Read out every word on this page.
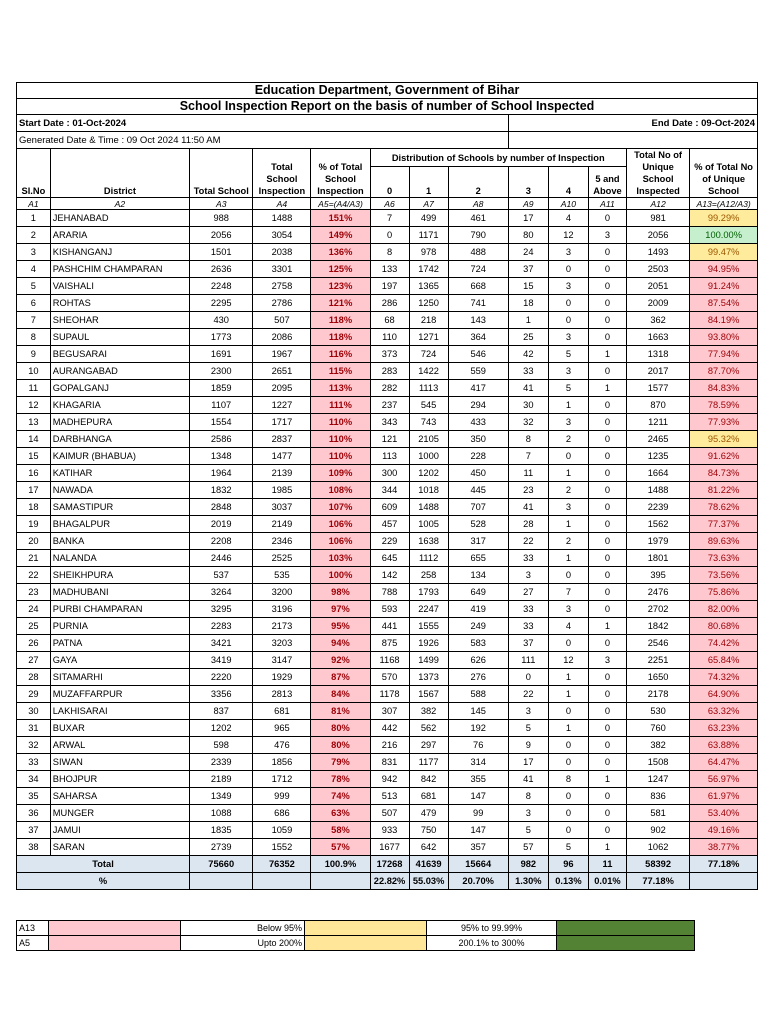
Education Department, Government of Bihar												
School Inspection Report on the basis of number of School Inspected												
Start Date : 01-Oct-2024								End Date : 09-Oct-2024				
Generated Date & Time : 09 Oct 2024 11:50 AM												
Sl.No	District	Total School	Total School Inspection	% of Total School Inspection	Distribution of Schools by number of Inspection						Total No of Unique School Inspected	% of Total No of Unique School
					0	1	2	3	4	5 and Above		
A1	A2	A3	A4	A5=(A4/A3)	A6	A7	A8	A9	A10	A11	A12	A13=(A12/A3)
1	JEHANABAD	988	1488	151%	7	499	461	17	4	0	981	99.29%
2	ARARIA	2056	3054	149%	0	1171	790	80	12	3	2056	100.00%
3	KISHANGANJ	1501	2038	136%	8	978	488	24	3	0	1493	99.47%
4	PASHCHIM CHAMPARAN	2636	3301	125%	133	1742	724	37	0	0	2503	94.95%
5	VAISHALI	2248	2758	123%	197	1365	668	15	3	0	2051	91.24%
6	ROHTAS	2295	2786	121%	286	1250	741	18	0	0	2009	87.54%
7	SHEOHAR	430	507	118%	68	218	143	1	0	0	362	84.19%
8	SUPAUL	1773	2086	118%	110	1271	364	25	3	0	1663	93.80%
9	BEGUSARAI	1691	1967	116%	373	724	546	42	5	1	1318	77.94%
10	AURANGABAD	2300	2651	115%	283	1422	559	33	3	0	2017	87.70%
11	GOPALGANJ	1859	2095	113%	282	1113	417	41	5	1	1577	84.83%
12	KHAGARIA	1107	1227	111%	237	545	294	30	1	0	870	78.59%
13	MADHEPURA	1554	1717	110%	343	743	433	32	3	0	1211	77.93%
14	DARBHANGA	2586	2837	110%	121	2105	350	8	2	0	2465	95.32%
15	KAIMUR (BHABUA)	1348	1477	110%	113	1000	228	7	0	0	1235	91.62%
16	KATIHAR	1964	2139	109%	300	1202	450	11	1	0	1664	84.73%
17	NAWADA	1832	1985	108%	344	1018	445	23	2	0	1488	81.22%
18	SAMASTIPUR	2848	3037	107%	609	1488	707	41	3	0	2239	78.62%
19	BHAGALPUR	2019	2149	106%	457	1005	528	28	1	0	1562	77.37%
20	BANKA	2208	2346	106%	229	1638	317	22	2	0	1979	89.63%
21	NALANDA	2446	2525	103%	645	1112	655	33	1	0	1801	73.63%
22	SHEIKHPURA	537	535	100%	142	258	134	3	0	0	395	73.56%
23	MADHUBANI	3264	3200	98%	788	1793	649	27	7	0	2476	75.86%
24	PURBI CHAMPARAN	3295	3196	97%	593	2247	419	33	3	0	2702	82.00%
25	PURNIA	2283	2173	95%	441	1555	249	33	4	1	1842	80.68%
26	PATNA	3421	3203	94%	875	1926	583	37	0	0	2546	74.42%
27	GAYA	3419	3147	92%	1168	1499	626	111	12	3	2251	65.84%
28	SITAMARHI	2220	1929	87%	570	1373	276	0	1	0	1650	74.32%
29	MUZAFFARPUR	3356	2813	84%	1178	1567	588	22	1	0	2178	64.90%
30	LAKHISARAI	837	681	81%	307	382	145	3	0	0	530	63.32%
31	BUXAR	1202	965	80%	442	562	192	5	1	0	760	63.23%
32	ARWAL	598	476	80%	216	297	76	9	0	0	382	63.88%
33	SIWAN	2339	1856	79%	831	1177	314	17	0	0	1508	64.47%
34	BHOJPUR	2189	1712	78%	942	842	355	41	8	1	1247	56.97%
35	SAHARSA	1349	999	74%	513	681	147	8	0	0	836	61.97%
36	MUNGER	1088	686	63%	507	479	99	3	0	0	581	53.40%
37	JAMUI	1835	1059	58%	933	750	147	5	0	0	902	49.16%
38	SARAN	2739	1552	57%	1677	642	357	57	5	1	1062	38.77%
Total		75660	76352	100.9%	17268	41639	15664	982	96	11	58392	77.18%
%					22.82%	55.03%	20.70%	1.30%	0.13%	0.01%	77.18%	
A13		Below 95%		95% to 99.99%		
A5		Upto 200%		200.1% to 300%		
